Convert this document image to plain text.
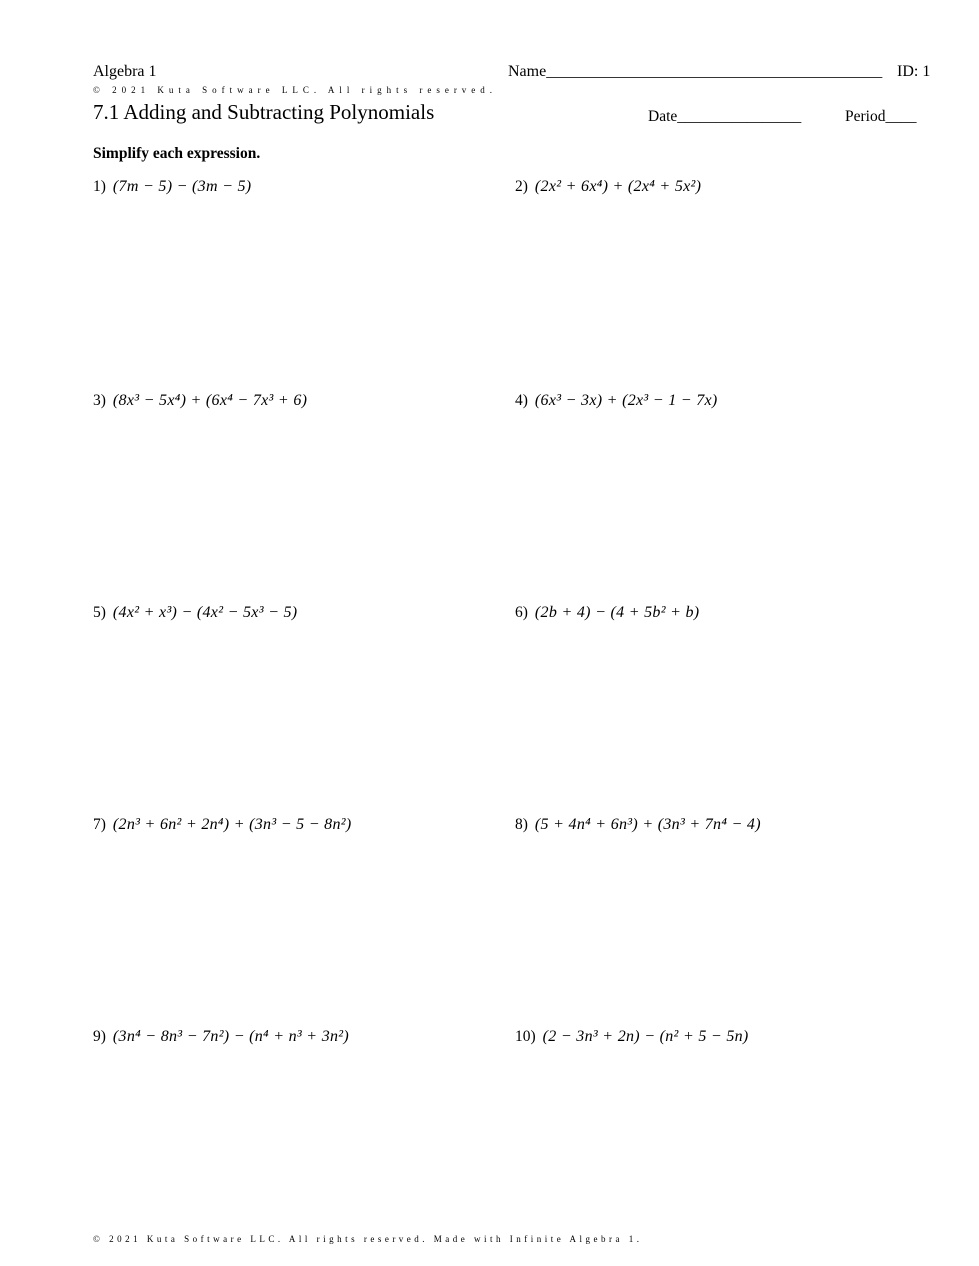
Algebra 1	Name__________________________________________ ID: 1
© 2021 Kuta Software LLC. All rights reserved.
7.1 Adding and Subtracting Polynomials	Date________________	Period____
Simplify each expression.
1) (7m − 5) − (3m − 5)	2) (2x² + 6x⁴) + (2x⁴ + 5x²)
3) (8x³ − 5x⁴) + (6x⁴ − 7x³ + 6)	4) (6x³ − 3x) + (2x³ − 1 − 7x)
5) (4x² + x³) − (4x² − 5x³ − 5)	6) (2b + 4) − (4 + 5b² + b)
7) (2n³ + 6n² + 2n⁴) + (3n³ − 5 − 8n²)	8) (5 + 4n⁴ + 6n³) + (3n³ + 7n⁴ − 4)
9) (3n⁴ − 8n³ − 7n²) − (n⁴ + n³ + 3n²)	10) (2 − 3n³ + 2n) − (n² + 5 − 5n)
© 2021 Kuta Software LLC. All rights reserved. Made with Infinite Algebra 1.
